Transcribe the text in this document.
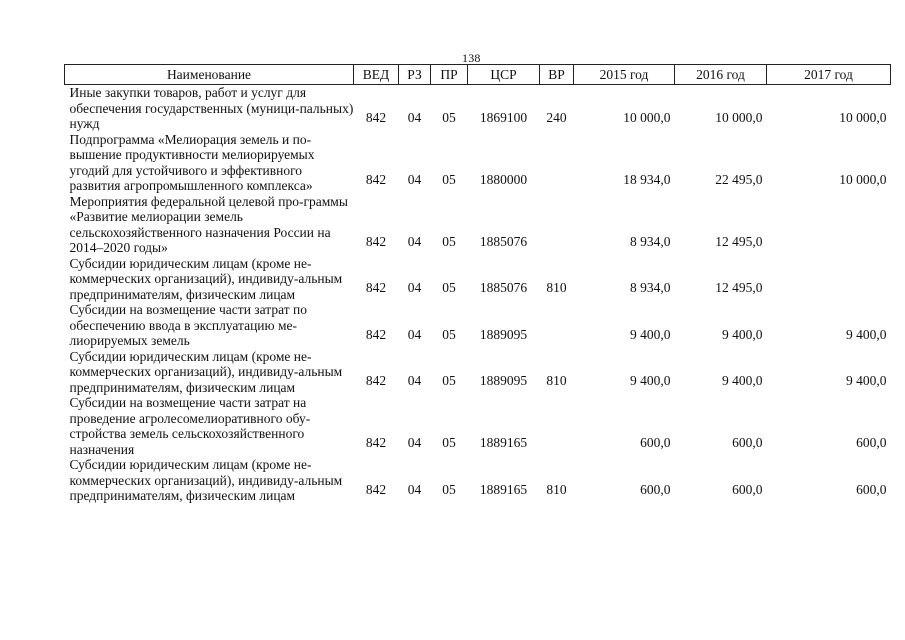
138
Наименование	ВЕД	РЗ	ПР	ЦСР	ВР	2015 год	2016 год	2017 год
Иные закупки товаров, работ и услуг для обеспечения государственных (муници-пальных) нужд	842	04	05	1869100	240	10 000,0	10 000,0	10 000,0
Подпрограмма «Мелиорация земель и по-вышение продуктивности мелиорируемых угодий для устойчивого и эффективного развития агропромышленного комплекса»	842	04	05	1880000		18 934,0	22 495,0	10 000,0
Мероприятия федеральной целевой про-граммы «Развитие мелиорации земель сельскохозяйственного назначения России на 2014–2020 годы»	842	04	05	1885076		8 934,0	12 495,0	
Субсидии юридическим лицам (кроме не-коммерческих организаций), индивиду-альным предпринимателям, физическим лицам	842	04	05	1885076	810	8 934,0	12 495,0	
Субсидии на возмещение части затрат по обеспечению ввода в эксплуатацию ме-лиорируемых земель	842	04	05	1889095		9 400,0	9 400,0	9 400,0
Субсидии юридическим лицам (кроме не-коммерческих организаций), индивиду-альным предпринимателям, физическим лицам	842	04	05	1889095	810	9 400,0	9 400,0	9 400,0
Субсидии на возмещение части затрат на проведение агролесомелиоративного обу-стройства земель сельскохозяйственного назначения	842	04	05	1889165		600,0	600,0	600,0
Субсидии юридическим лицам (кроме не-коммерческих организаций), индивиду-альным предпринимателям, физическим лицам	842	04	05	1889165	810	600,0	600,0	600,0
